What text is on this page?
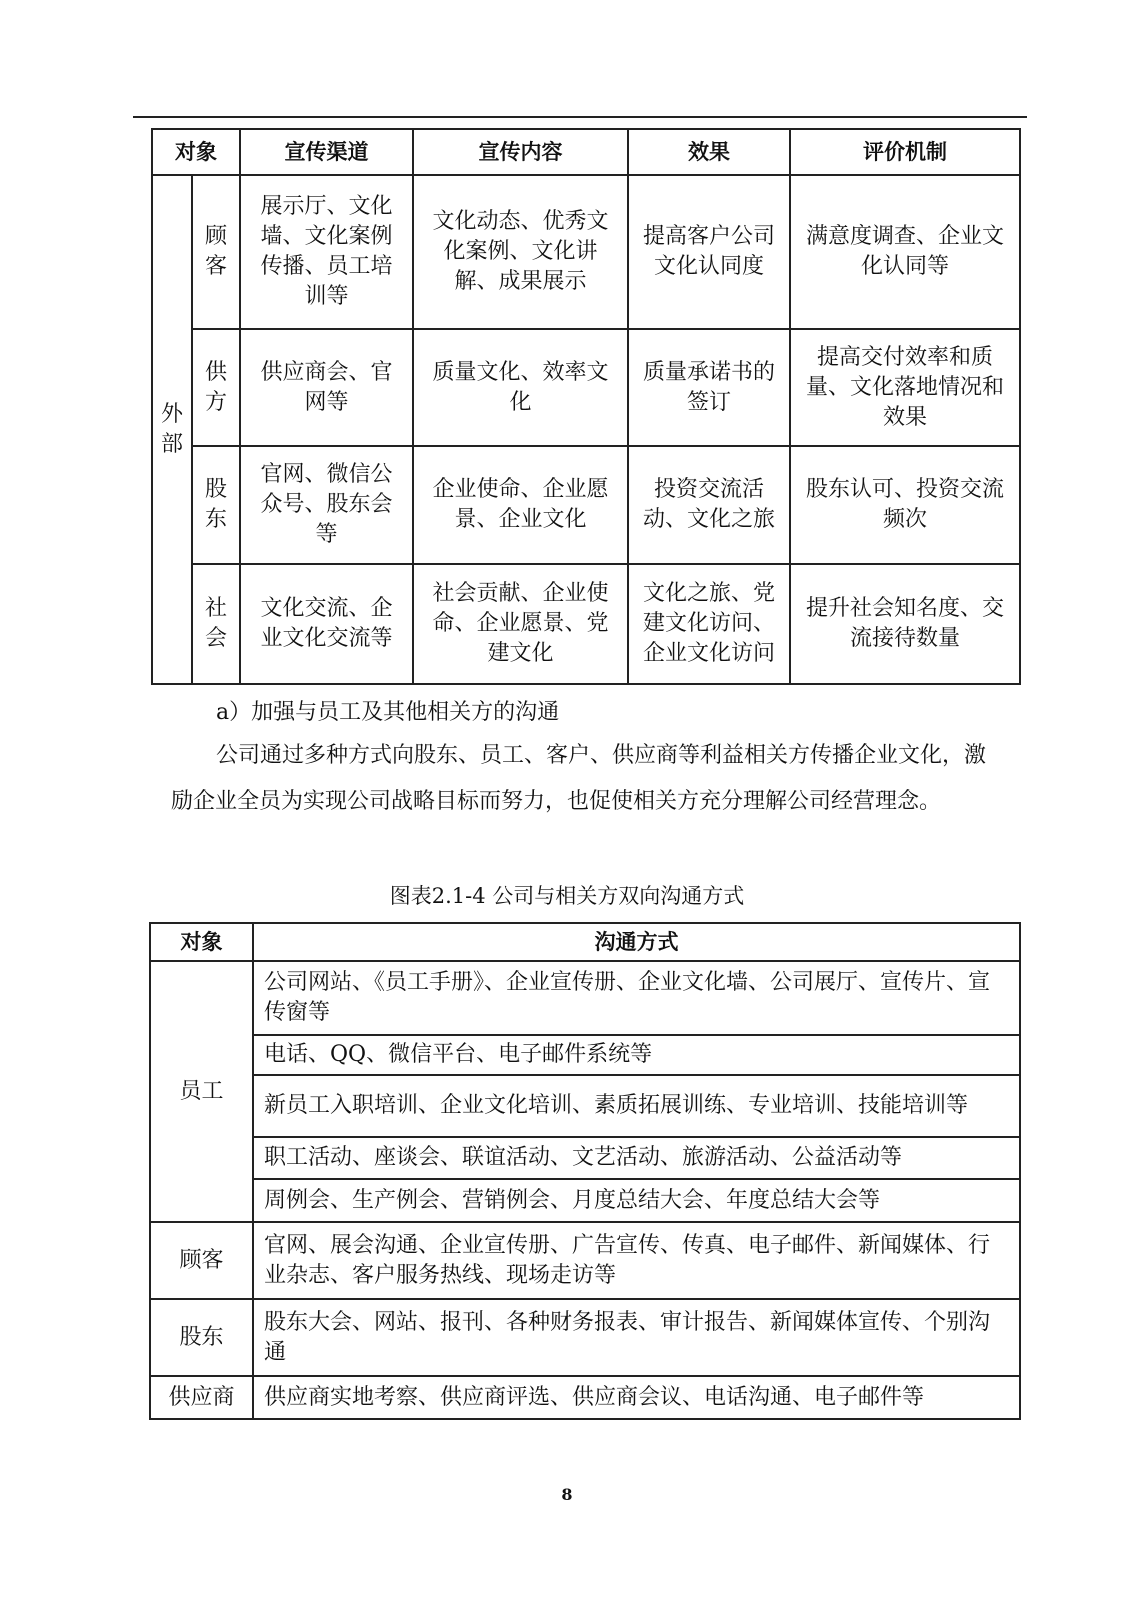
对象		宣传渠道	宣传内容	效果	评价机制
外部	顾客	展示厅、文化墙、文化案例传播、员工培训等	文化动态、优秀文化案例、文化讲解、成果展示	提高客户公司文化认同度	满意度调查、企业文化认同等
	供方	供应商会、官网等	质量文化、效率文化	质量承诺书的签订	提高交付效率和质量、文化落地情况和效果
	股东	官网、微信公众号、股东会等	企业使命、企业愿景、企业文化	投资交流活动、文化之旅	股东认可、投资交流频次
	社会	文化交流、企业文化交流等	社会贡献、企业使命、企业愿景、党建文化	文化之旅、党建文化访问、企业文化访问	提升社会知名度、交流接待数量
a）加强与员工及其他相关方的沟通
公司通过多种方式向股东、员工、客户、供应商等利益相关方传播企业文化，激励企业全员为实现公司战略目标而努力，也促使相关方充分理解公司经营理念。
图表2.1-4 公司与相关方双向沟通方式
对象	沟通方式
员工	公司网站、《员工手册》、企业宣传册、企业文化墙、公司展厅、宣传片、宣传窗等
	电话、QQ、微信平台、电子邮件系统等
	新员工入职培训、企业文化培训、素质拓展训练、专业培训、技能培训等
	职工活动、座谈会、联谊活动、文艺活动、旅游活动、公益活动等
	周例会、生产例会、营销例会、月度总结大会、年度总结大会等
顾客	官网、展会沟通、企业宣传册、广告宣传、传真、电子邮件、新闻媒体、行业杂志、客户服务热线、现场走访等
股东	股东大会、网站、报刊、各种财务报表、审计报告、新闻媒体宣传、个别沟通
供应商	供应商实地考察、供应商评选、供应商会议、电话沟通、电子邮件等
8
